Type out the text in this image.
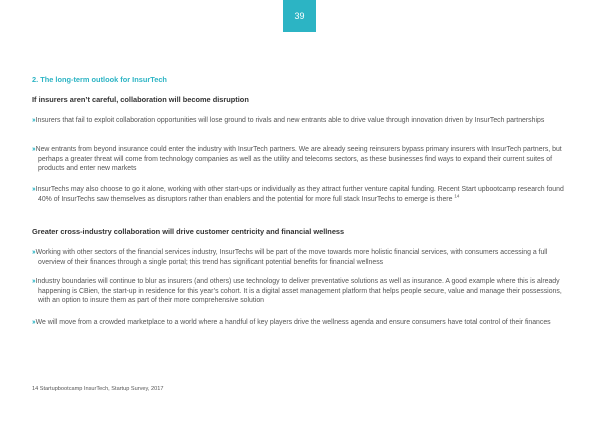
39
2. The long-term outlook for InsurTech
If insurers aren’t careful, collaboration will become disruption
››Insurers that fail to exploit collaboration opportunities will lose ground to rivals and new entrants able to drive value through innovation driven by InsurTech partnerships
››New entrants from beyond insurance could enter the industry with InsurTech partners. We are already seeing reinsurers bypass primary insurers with InsurTech partners, but perhaps a greater threat will come from technology companies as well as the utility and telecoms sectors, as these businesses find ways to expand their current suites of products and enter new markets
››InsurTechs may also choose to go it alone, working with other start-ups or individually as they attract further venture capital funding. Recent Start upbootcamp research found 40% of InsurTechs saw themselves as disruptors rather than enablers and the potential for more full stack InsurTechs to emerge is there $^{14}$
Greater cross-industry collaboration will drive customer centricity and financial wellness
››Working with other sectors of the financial services industry, InsurTechs will be part of the move towards more holistic financial services, with consumers accessing a full overview of their finances through a single portal; this trend has significant potential benefits for financial wellness
››Industry boundaries will continue to blur as insurers (and others) use technology to deliver preventative solutions as well as insurance. A good example where this is already happening is CBien, the start-up in residence for this year’s cohort. It is a digital asset management platform that helps people secure, value and manage their possessions, with an option to insure them as part of their more comprehensive solution
››We will move from a crowded marketplace to a world where a handful of key players drive the wellness agenda and ensure consumers have total control of their finances
14 Startupbootcamp InsurTech, Startup Survey, 2017
